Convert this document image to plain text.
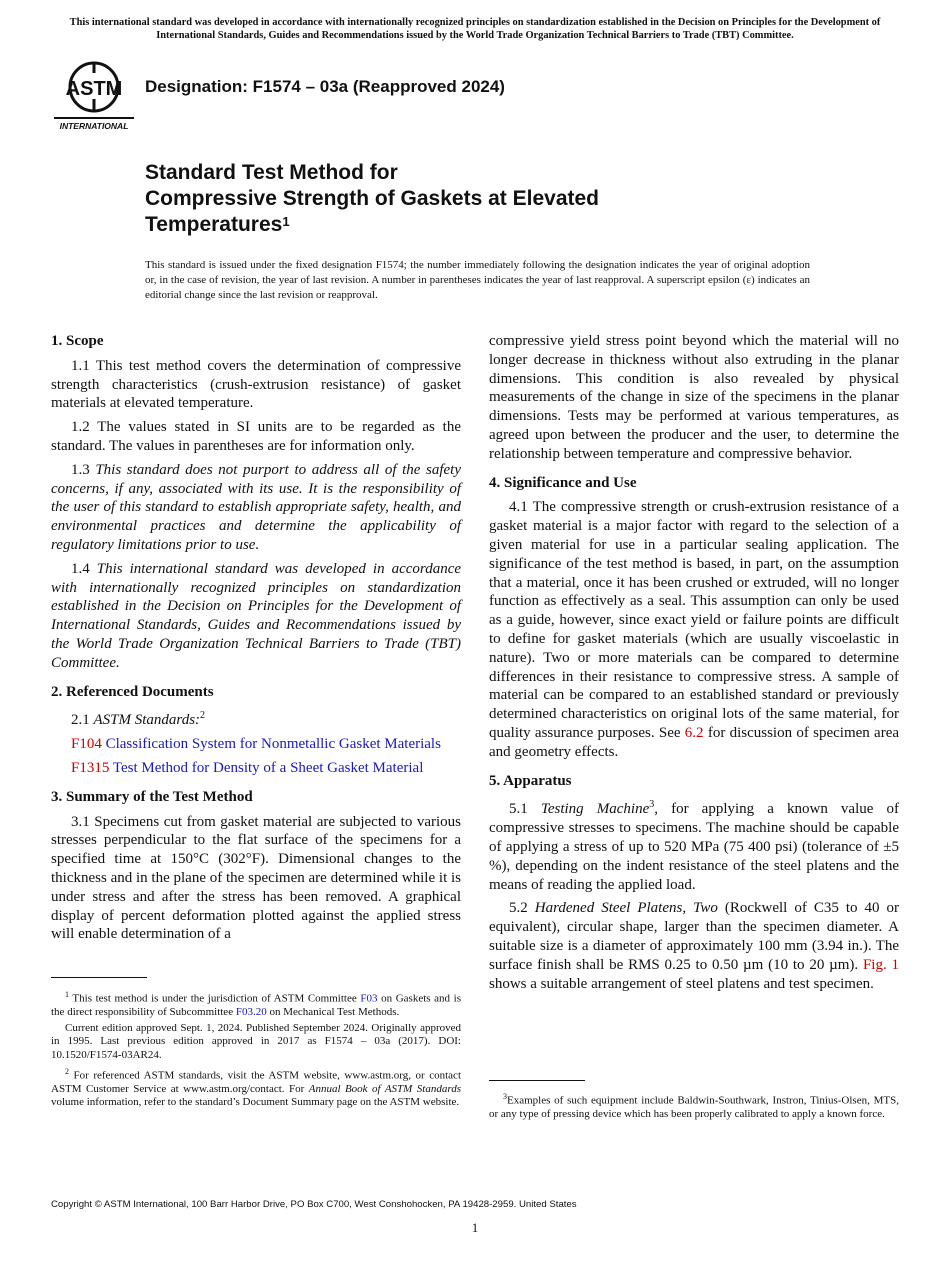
This international standard was developed in accordance with internationally recognized principles on standardization established in the Decision on Principles for the Development of International Standards, Guides and Recommendations issued by the World Trade Organization Technical Barriers to Trade (TBT) Committee.
ASTM
INTERNATIONAL
Designation: F1574 – 03a (Reapproved 2024)
Standard Test Method for
Compressive Strength of Gaskets at Elevated
Temperatures$^1$
This standard is issued under the fixed designation F1574; the number immediately following the designation indicates the year of original adoption or, in the case of revision, the year of last revision. A number in parentheses indicates the year of last reapproval. A superscript epsilon (ε) indicates an editorial change since the last revision or reapproval.
1. Scope

1.1 This test method covers the determination of compressive strength characteristics (crush-extrusion resistance) of gasket materials at elevated temperature.

1.2 The values stated in SI units are to be regarded as the standard. The values in parentheses are for information only.

1.3 This standard does not purport to address all of the safety concerns, if any, associated with its use. It is the responsibility of the user of this standard to establish appropriate safety, health, and environmental practices and determine the applicability of regulatory limitations prior to use.

1.4 This international standard was developed in accordance with internationally recognized principles on standardization established in the Decision on Principles for the Development of International Standards, Guides and Recommendations issued by the World Trade Organization Technical Barriers to Trade (TBT) Committee.

2. Referenced Documents

2.1 ASTM Standards:$^2$

F104 Classification System for Nonmetallic Gasket Materials

F1315 Test Method for Density of a Sheet Gasket Material

3. Summary of the Test Method

3.1 Specimens cut from gasket material are subjected to various stresses perpendicular to the flat surface of the specimens for a specified time at 150°C (302°F). Dimensional changes to the thickness and in the plane of the specimen are determined while it is under stress and after the stress has been removed. A graphical display of percent deformation plotted against the applied stress will enable determination of a

compressive yield stress point beyond which the material will no longer decrease in thickness without also extruding in the planar dimensions. This condition is also revealed by physical measurements of the change in size of the specimens in the planar dimensions. Tests may be performed at various temperatures, as agreed upon between the producer and the user, to determine the relationship between temperature and compressive behavior.

4. Significance and Use

4.1 The compressive strength or crush-extrusion resistance of a gasket material is a major factor with regard to the selection of a given material for use in a particular sealing application. The significance of the test method is based, in part, on the assumption that a material, once it has been crushed or extruded, will no longer function as effectively as a seal. This assumption can only be used as a guide, however, since exact yield or failure points are difficult to define for gasket materials (which are usually viscoelastic in nature). Two or more materials can be compared to determine differences in their resistance to compressive stress. A sample of material can be compared to an established standard or previously determined characteristics on original lots of the same material, for quality assurance purposes. See 6.2 for discussion of specimen area and geometry effects.

5. Apparatus

5.1 Testing Machine$^3$, for applying a known value of compressive stresses to specimens. The machine should be capable of applying a stress of up to 520 MPa (75 400 psi) (tolerance of ±5 %), depending on the indent resistance of the steel platens and the means of reading the applied load.

5.2 Hardened Steel Platens, Two (Rockwell of C35 to 40 or equivalent), circular shape, larger than the specimen diameter. A suitable size is a diameter of approximately 100 mm (3.94 in.). The surface finish shall be RMS 0.25 to 0.50 µm (10 to 20 µm). Fig. 1 shows a suitable arrangement of steel platens and test specimen.

$^1$ This test method is under the jurisdiction of ASTM Committee F03 on Gaskets and is the direct responsibility of Subcommittee F03.20 on Mechanical Test Methods.

Current edition approved Sept. 1, 2024. Published September 2024. Originally approved in 1995. Last previous edition approved in 2017 as F1574 – 03a (2017). DOI: 10.1520/F1574-03AR24.

$^2$ For referenced ASTM standards, visit the ASTM website, www.astm.org, or contact ASTM Customer Service at www.astm.org/contact. For Annual Book of ASTM Standards volume information, refer to the standard’s Document Summary page on the ASTM website.	$^3$Examples of such equipment include Baldwin-Southwark, Instron, Tinius-Olsen, MTS, or any type of pressing device which has been properly calibrated to apply a known force.

Copyright © ASTM International, 100 Barr Harbor Drive, PO Box C700, West Conshohocken, PA 19428-2959. United States
1
